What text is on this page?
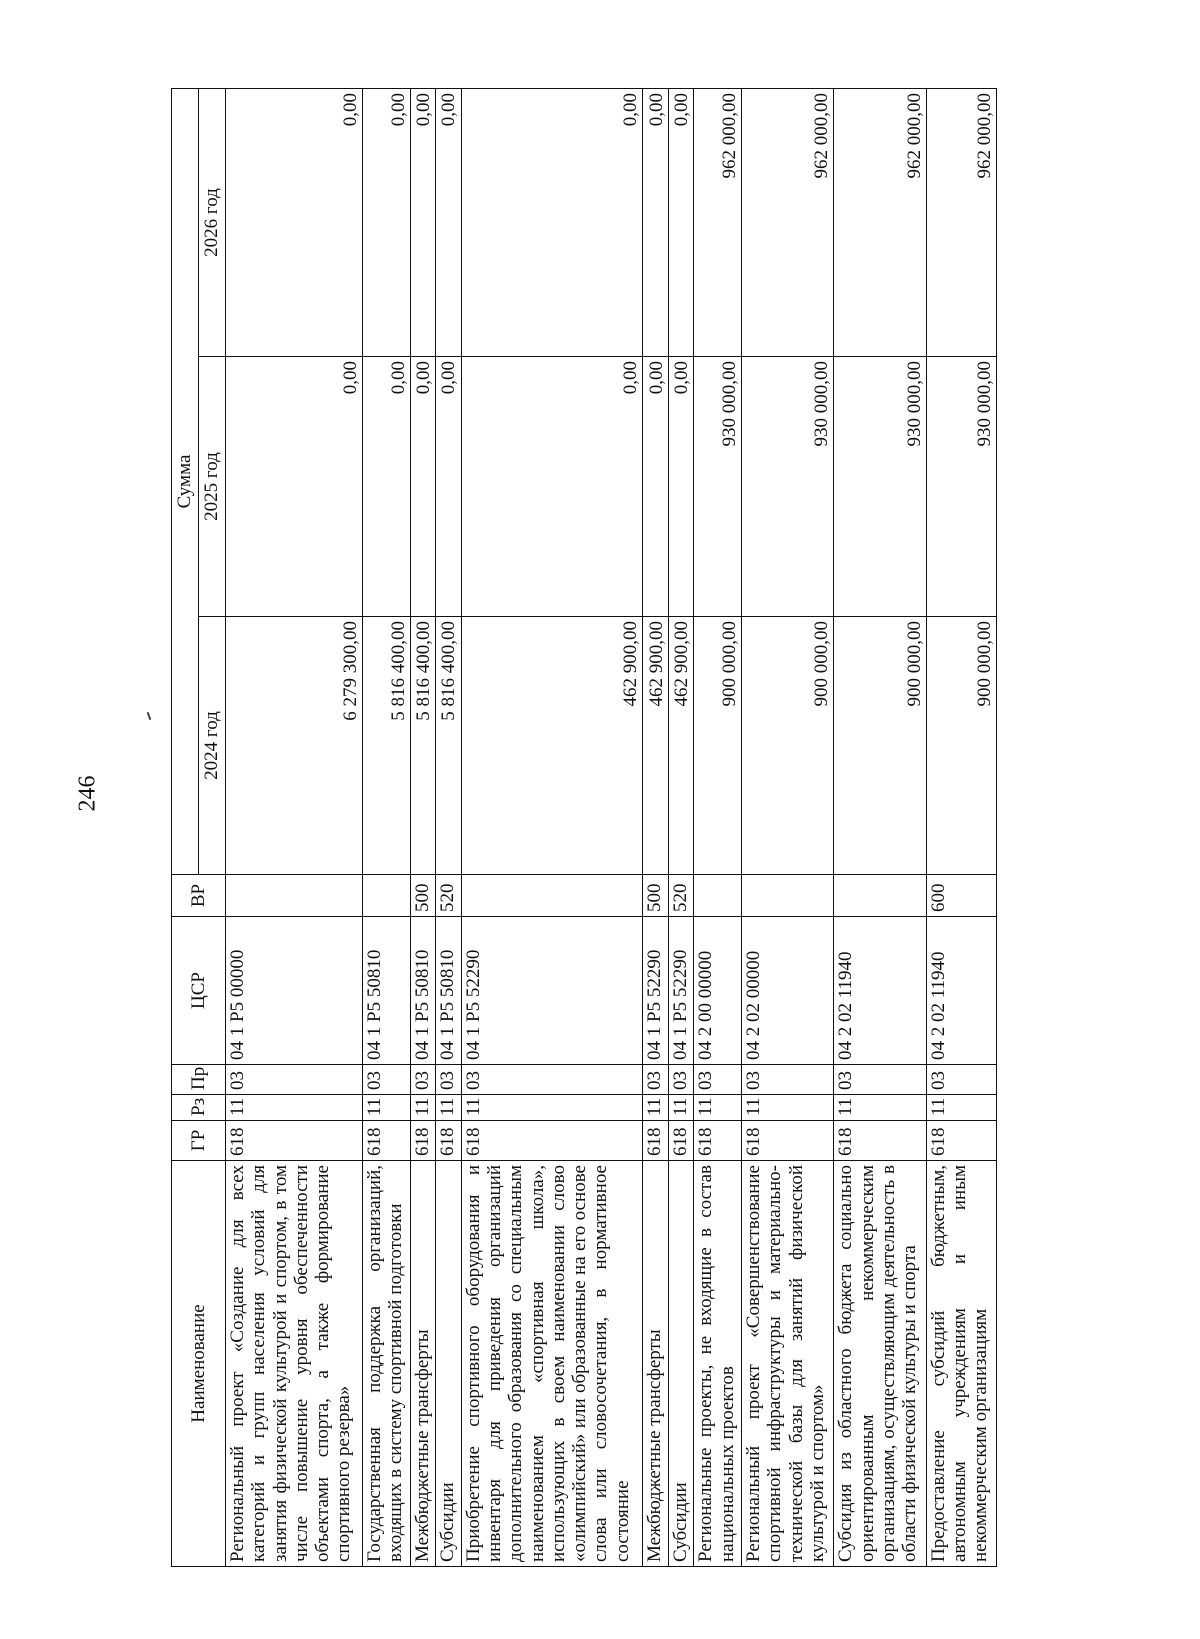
246
Наименование	ГР	Рз	Пр	ЦСР	ВР	Сумма		
						2024 год	2025 год	2026 год
Региональный проект «Создание для всех категорий и групп населения условий для занятия физической культурой и спортом, в том числе повышение уровня обеспеченности объектами спорта, а также формирование спортивного резерва»	618	11	03	04 1 P5 00000		6 279 300,00	0,00	0,00
Государственная поддержка организаций, входящих в систему спортивной подготовки	618	11	03	04 1 P5 50810		5 816 400,00	0,00	0,00
Межбюджетные трансферты	618	11	03	04 1 P5 50810	500	5 816 400,00	0,00	0,00
Субсидии	618	11	03	04 1 P5 50810	520	5 816 400,00	0,00	0,00
Приобретение спортивного оборудования и инвентаря для приведения организаций дополнительного образования со специальным наименованием «спортивная школа», использующих в своем наименовании слово «олимпийский» или образованные на его основе слова или словосочетания, в нормативное состояние	618	11	03	04 1 P5 52290		462 900,00	0,00	0,00
Межбюджетные трансферты	618	11	03	04 1 P5 52290	500	462 900,00	0,00	0,00
Субсидии	618	11	03	04 1 P5 52290	520	462 900,00	0,00	0,00
Региональные проекты, не входящие в состав национальных проектов	618	11	03	04 2 00 00000		900 000,00	930 000,00	962 000,00
Региональный проект «Совершенствование спортивной инфраструктуры и материально-технической базы для занятий физической культурой и спортом»	618	11	03	04 2 02 00000		900 000,00	930 000,00	962 000,00
Субсидия из областного бюджета социально ориентированным некоммерческим организациям, осуществляющим деятельность в области физической культуры и спорта	618	11	03	04 2 02 11940		900 000,00	930 000,00	962 000,00
Предоставление субсидий бюджетным, автономным учреждениям и иным некоммерческим организациям	618	11	03	04 2 02 11940	600	900 000,00	930 000,00	962 000,00
